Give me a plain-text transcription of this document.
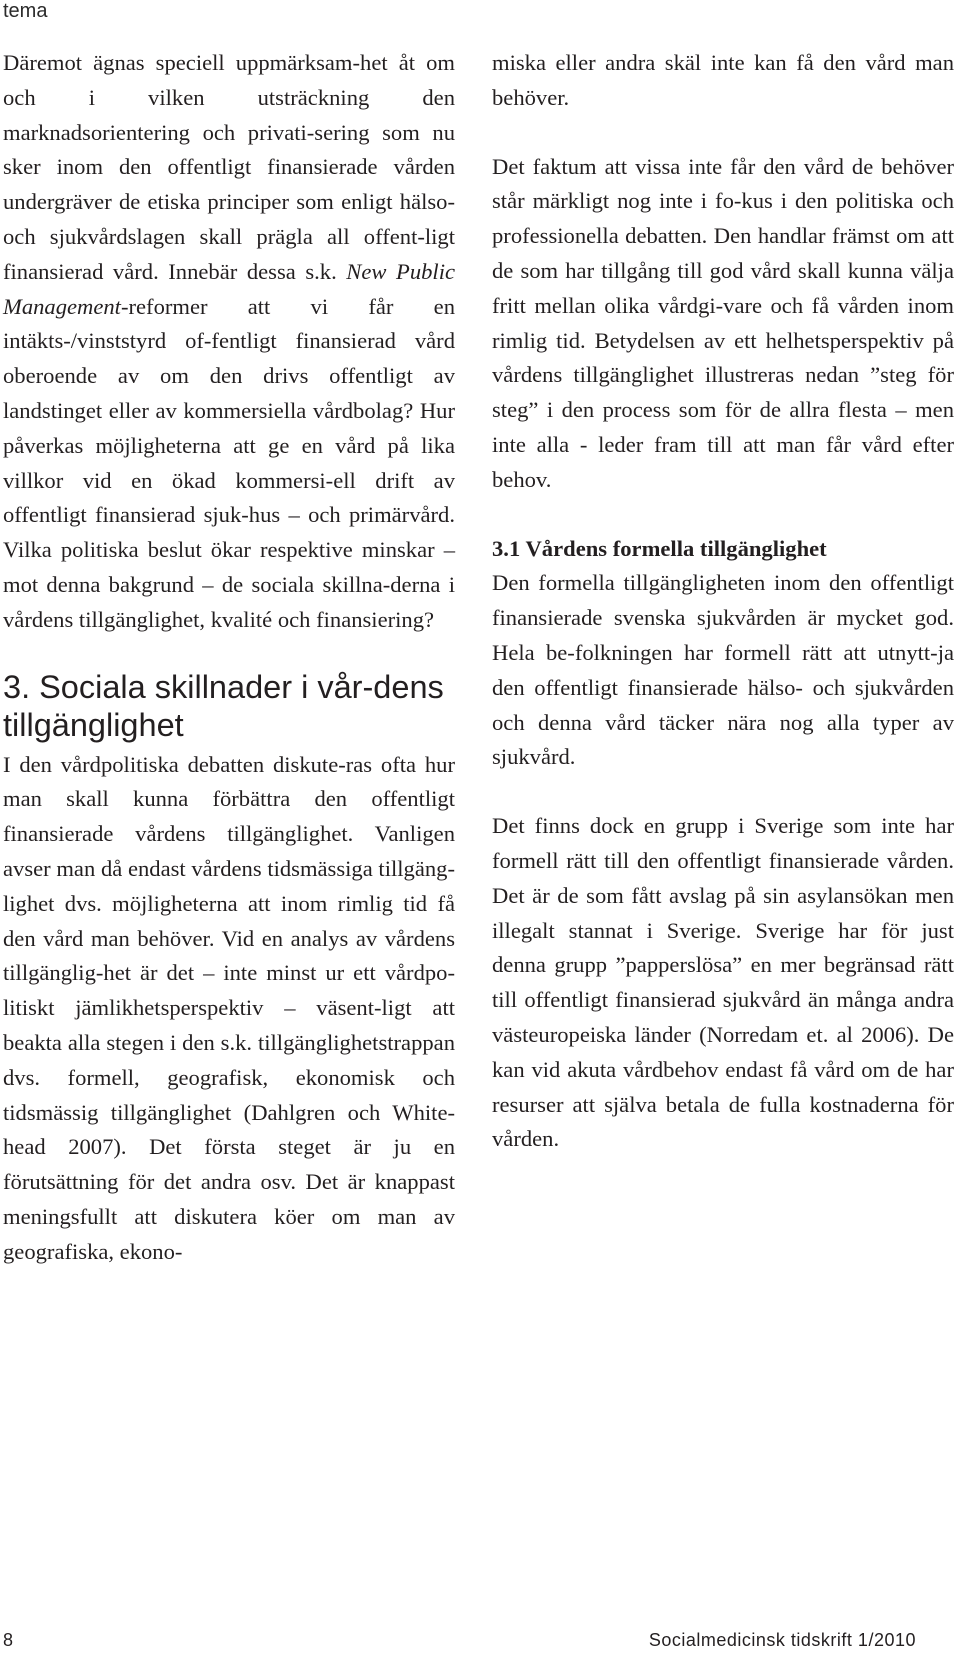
tema

Däremot ägnas speciell uppmärksam-het åt om och i vilken utsträckning den marknadsorientering och privati-sering som nu sker inom den offentligt finansierade vården undergräver de etiska principer som enligt hälso- och sjukvårdslagen skall prägla all offent-ligt finansierad vård. Innebär dessa s.k. New Public Management-reformer att vi får en intäkts-/vinststyrd of-fentligt finansierad vård oberoende av om den drivs offentligt av landstinget eller av kommersiella vårdbolag? Hur påverkas möjligheterna att ge en vård på lika villkor vid en ökad kommersi-ell drift av offentligt finansierad sjuk-hus – och primärvård. Vilka politiska beslut ökar respektive minskar – mot denna bakgrund – de sociala skillna-derna i vårdens tillgänglighet, kvalité och finansiering?

3. Sociala skillnader i vår-dens tillgänglighet

I den vårdpolitiska debatten diskute-ras ofta hur man skall kunna förbättra den offentligt finansierade vårdens tillgänglighet. Vanligen avser man då endast vårdens tidsmässiga tillgäng-lighet dvs. möjligheterna att inom rimlig tid få den vård man behöver. Vid en analys av vårdens tillgänglig-het är det – inte minst ur ett vårdpo-litiskt jämlikhetsperspektiv – väsent-ligt att beakta alla stegen i den s.k. tillgänglighetstrappan dvs. formell, geografisk, ekonomisk och tidsmässig tillgänglighet (Dahlgren och White-head 2007). Det första steget är ju en förutsättning för det andra osv. Det är knappast meningsfullt att diskutera köer om man av geografiska, ekono-

miska eller andra skäl inte kan få den vård man behöver.

Det faktum att vissa inte får den vård de behöver står märkligt nog inte i fo-kus i den politiska och professionella debatten. Den handlar främst om att de som har tillgång till god vård skall kunna välja fritt mellan olika vårdgi-vare och få vården inom rimlig tid. Betydelsen av ett helhetsperspektiv på vårdens tillgänglighet illustreras nedan ”steg för steg” i den process som för de allra flesta – men inte alla - leder fram till att man får vård efter behov.

3.1 Vårdens formella tillgänglighet

Den formella tillgängligheten inom den offentligt finansierade svenska sjukvården är mycket god. Hela be-folkningen har formell rätt att utnytt-ja den offentligt finansierade hälso- och sjukvården och denna vård täcker nära nog alla typer av sjukvård.

Det finns dock en grupp i Sverige som inte har formell rätt till den offentligt finansierade vården. Det är de som fått avslag på sin asylansökan men illegalt stannat i Sverige. Sverige har för just denna grupp ”papperslösa” en mer begränsad rätt till offentligt finansierad sjukvård än många andra västeuropeiska länder (Norredam et. al 2006). De kan vid akuta vårdbehov endast få vård om de har resurser att själva betala de fulla kostnaderna för vården.

8	Socialmedicinsk tidskrift 1/2010
